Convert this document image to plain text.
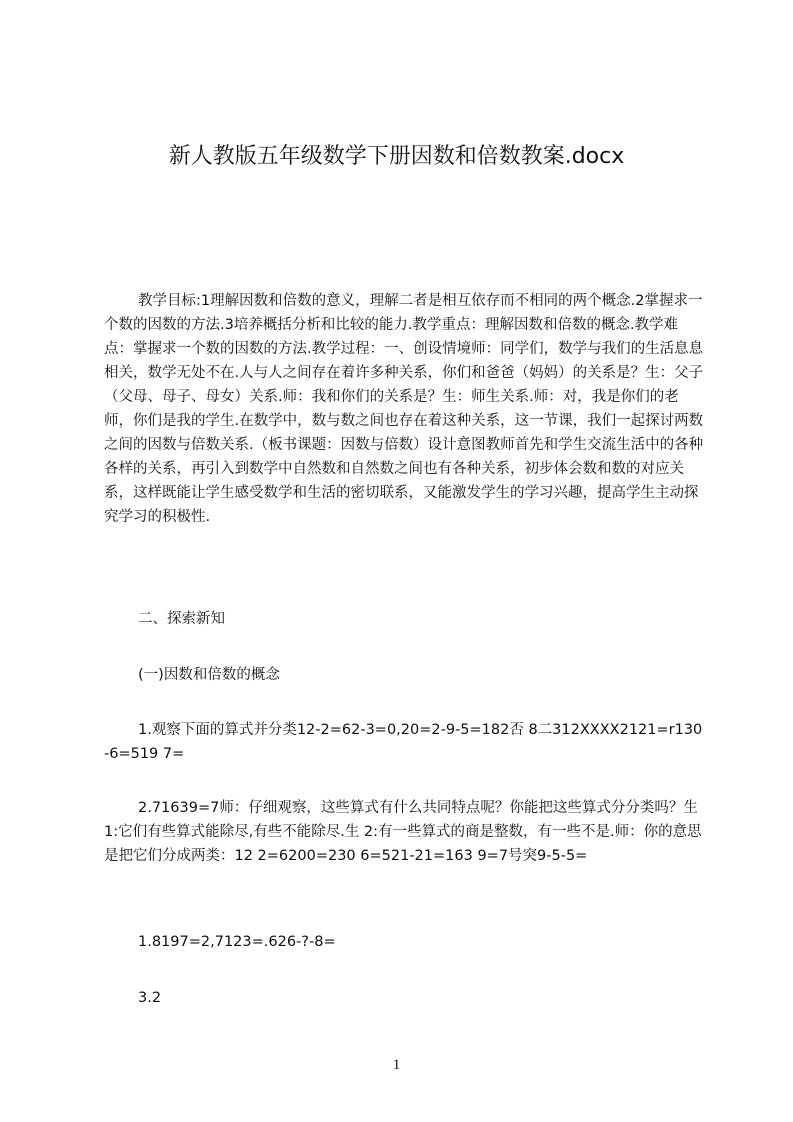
新人教版五年级数学下册因数和倍数教案.docx
教学目标:1理解因数和倍数的意义，理解二者是相互依存而不相同的两个概念.2掌握求一个数的因数的方法.3培养概括分析和比较的能力.教学重点：理解因数和倍数的概念.教学难点：掌握求一个数的因数的方法.教学过程：一、创设情境师：同学们，数学与我们的生活息息相关，数学无处不在.人与人之间存在着许多种关系，你们和爸爸（妈妈）的关系是？生：父子（父母、母子、母女）关系.师：我和你们的关系是？生：师生关系.师：对，我是你们的老师，你们是我的学生.在数学中，数与数之间也存在着这种关系，这一节课，我们一起探讨两数之间的因数与倍数关系.（板书课题：因数与倍数）设计意图教师首先和学生交流生活中的各种各样的关系，再引入到数学中自然数和自然数之间也有各种关系，初步体会数和数的对应关系，这样既能让学生感受数学和生活的密切联系，又能激发学生的学习兴趣，提高学生主动探究学习的积极性.
二、探索新知
(一)因数和倍数的概念
1.观察下面的算式并分类12-2=62-3=0,20=2-9-5=182否 8二312XXXX2121=r130-6=519 7=
2.71639=7师：仔细观察，这些算式有什么共同特点呢？你能把这些算式分分类吗？生1:它们有些算式能除尽,有些不能除尽.生 2:有一些算式的商是整数，有一些不是.师：你的意思是把它们分成两类：12 2=6200=230 6=521-21=163 9=7号突9-5-5=
1.8197=2,7123=.626-?-8=
3.2
1
